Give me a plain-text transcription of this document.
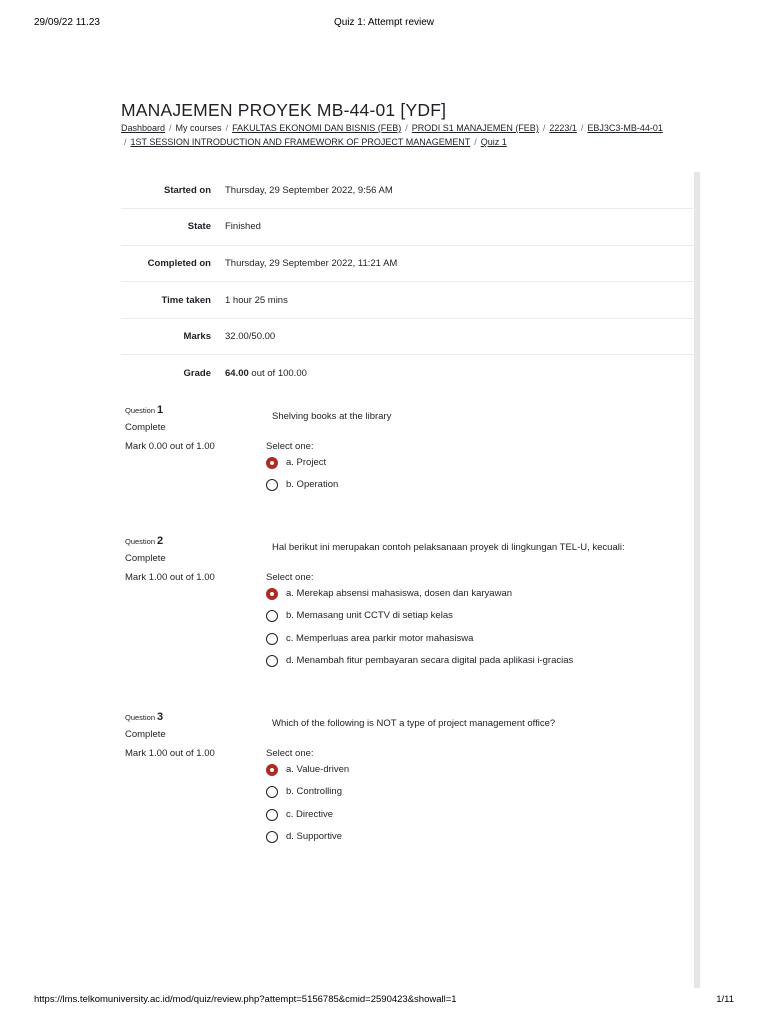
29/09/22 11.23	Quiz 1: Attempt review
MANAJEMEN PROYEK MB-44-01 [YDF]
Dashboard / My courses / FAKULTAS EKONOMI DAN BISNIS (FEB) / PRODI S1 MANAJEMEN (FEB) / 2223/1 / EBJ3C3-MB-44-01
/ 1ST SESSION INTRODUCTION AND FRAMEWORK OF PROJECT MANAGEMENT / Quiz 1
Started on	Thursday, 29 September 2022, 9:56 AM
State	Finished
Completed on	Thursday, 29 September 2022, 11:21 AM
Time taken	1 hour 25 mins
Marks	32.00/50.00
Grade	64.00 out of 100.00
Question 1
Complete
Mark 0.00 out of 1.00
Shelving books at the library
Select one:
a. Project
b. Operation
Question 2
Complete
Mark 1.00 out of 1.00
Hal berikut ini merupakan contoh pelaksanaan proyek di lingkungan TEL-U, kecuali:
Select one:
a. Merekap absensi mahasiswa, dosen dan karyawan
b. Memasang unit CCTV di setiap kelas
c. Memperluas area parkir motor mahasiswa
d. Menambah fitur pembayaran secara digital pada aplikasi i-gracias
Question 3
Complete
Mark 1.00 out of 1.00
Which of the following is NOT a type of project management office?
Select one:
a. Value-driven
b. Controlling
c. Directive
d. Supportive
https://lms.telkomuniversity.ac.id/mod/quiz/review.php?attempt=5156785&cmid=2590423&showall=1	1/11
